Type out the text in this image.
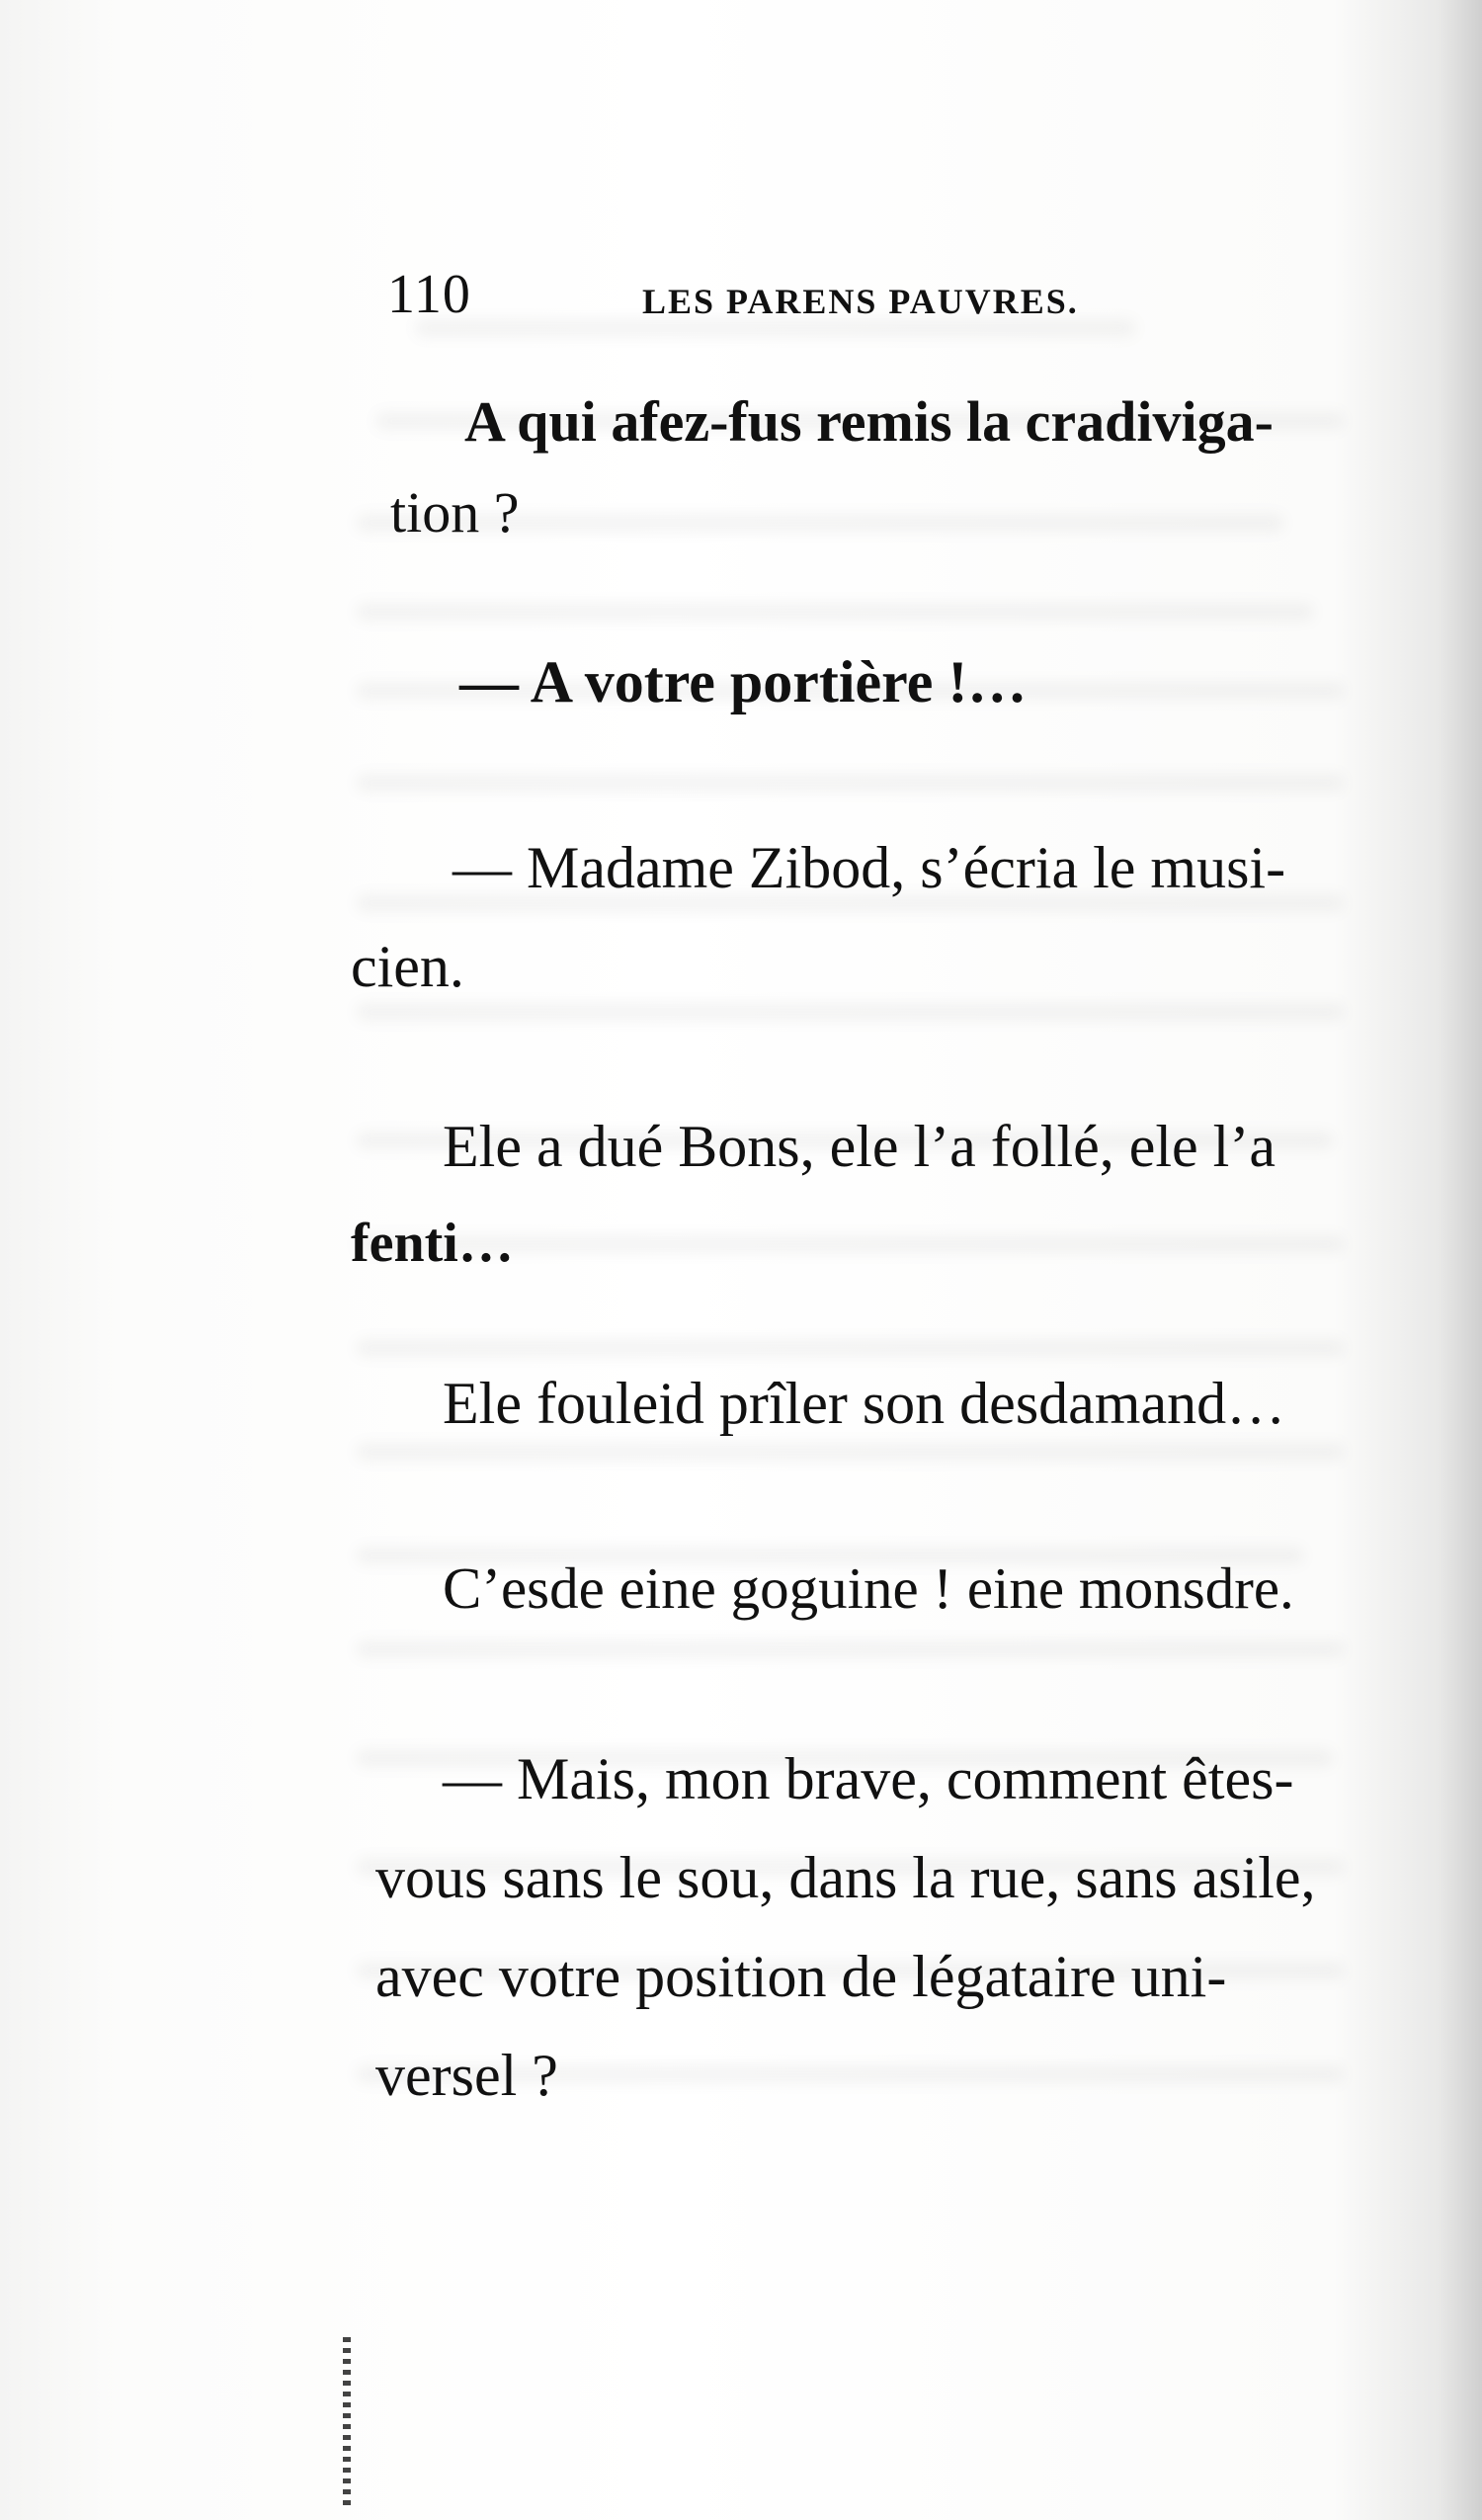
110	LES PARENS PAUVRES.
A qui afez-fus remis la cradiviga-
tion ?
— A votre portière !…
— Madame Zibod, s’écria le musi-
cien.
Ele a dué Bons, ele l’a follé, ele l’a
fenti…
Ele fouleid prîler son desdamand…
C’esde eine goguine ! eine monsdre.
— Mais, mon brave, comment êtes-
vous sans le sou, dans la rue, sans asile,
avec votre position de légataire uni-
versel ?
